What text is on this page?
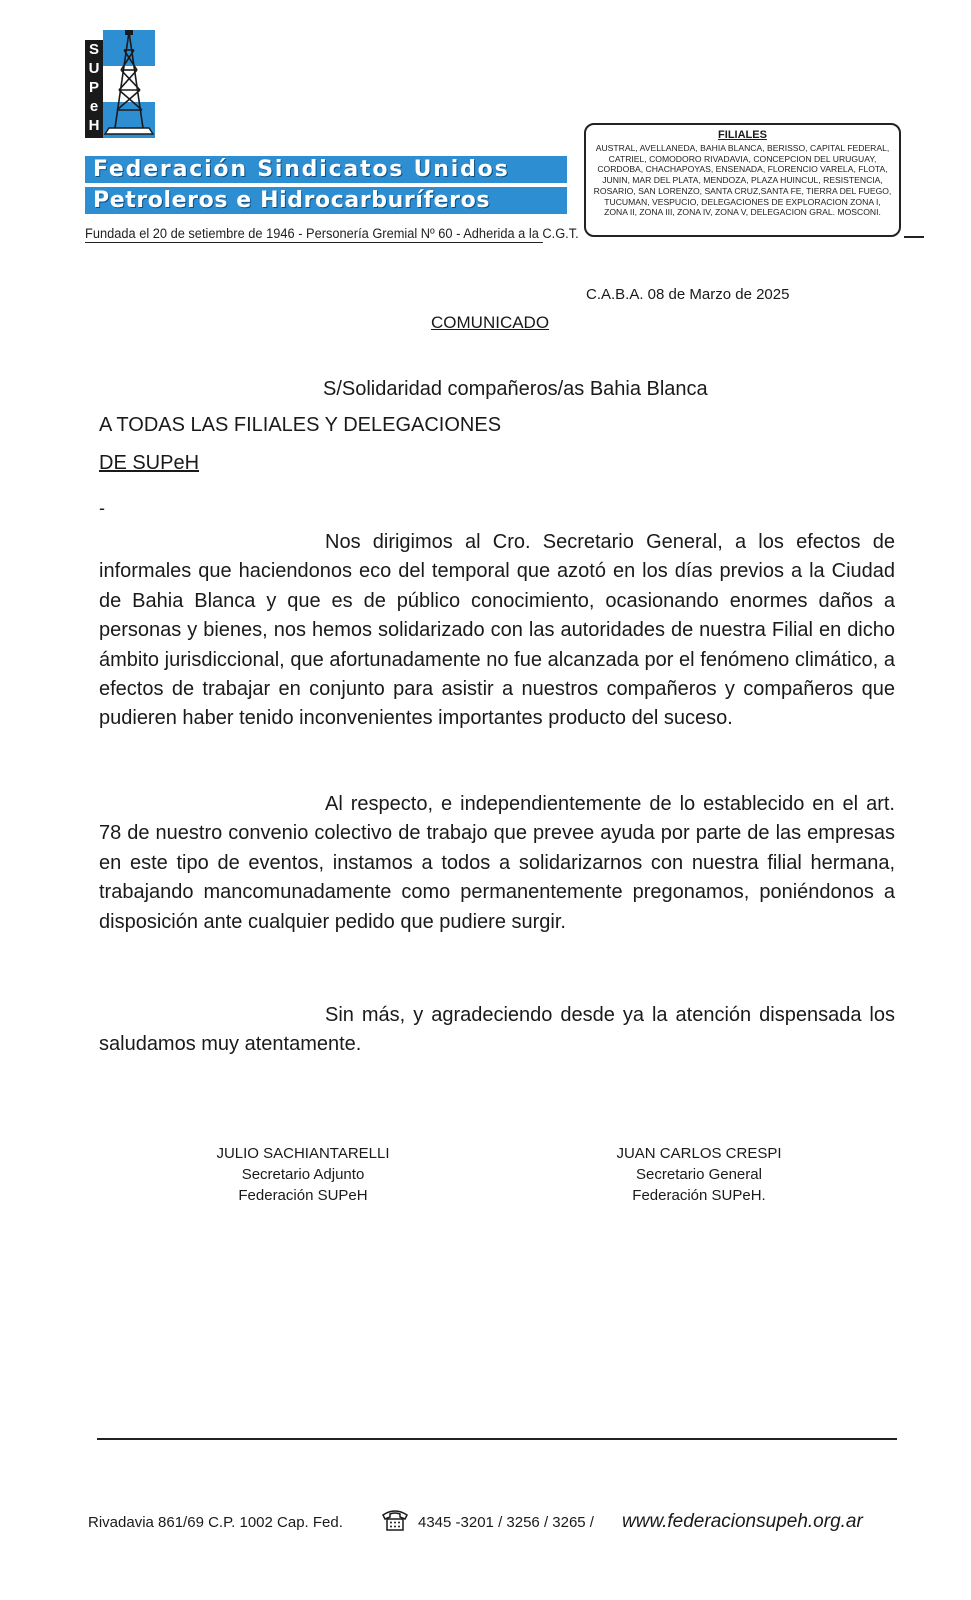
S
U
P
e
H
Federación Sindicatos Unidos
Petroleros e Hidrocarburíferos
Fundada el 20 de setiembre de 1946 - Personería Gremial Nº 60 - Adherida a la C.G.T.
FILIALES
AUSTRAL, AVELLANEDA, BAHIA BLANCA, BERISSO, CAPITAL FEDERAL, CATRIEL, COMODORO RIVADAVIA, CONCEPCION DEL URUGUAY, CORDOBA, CHACHAPOYAS, ENSENADA, FLORENCIO VARELA, FLOTA, JUNIN, MAR DEL PLATA, MENDOZA, PLAZA HUINCUL, RESISTENCIA, ROSARIO, SAN LORENZO, SANTA CRUZ,SANTA FE, TIERRA DEL FUEGO, TUCUMAN, VESPUCIO, DELEGACIONES DE EXPLORACION ZONA I, ZONA II, ZONA III, ZONA IV, ZONA V, DELEGACION GRAL. MOSCONI.
C.A.B.A. 08 de Marzo de 2025
COMUNICADO
S/Solidaridad compañeros/as Bahia Blanca
A TODAS LAS FILIALES Y DELEGACIONES
DE SUPeH
-

Nos dirigimos al Cro. Secretario General, a los efectos de informales que haciendonos eco del temporal que azotó en los días previos a la Ciudad de Bahia Blanca y que es de público conocimiento, ocasionando enormes daños a personas y bienes, nos hemos solidarizado con las autoridades de nuestra Filial en dicho ámbito jurisdiccional, que afortunadamente no fue alcanzada por el fenómeno climático, a efectos de trabajar en conjunto para asistir a nuestros compañeros y compañeros que pudieren haber tenido inconvenientes importantes producto del suceso.

Al respecto, e independientemente de lo establecido en el art. 78 de nuestro convenio colectivo de trabajo que prevee ayuda por parte de las empresas en este tipo de eventos, instamos a todos a solidarizarnos con nuestra filial hermana, trabajando mancomunadamente como permanentemente pregonamos, poniéndonos a disposición ante cualquier pedido que pudiere surgir.

Sin más, y agradeciendo desde ya la atención dispensada los saludamos muy atentamente.

JULIO SACHIANTARELLI
Secretario Adjunto
Federación SUPeH
JUAN CARLOS CRESPI
Secretario General
Federación SUPeH.
Rivadavia 861/69 C.P. 1002 Cap. Fed.	4345 -3201 / 3256 / 3265 / www.federacionsupeh.org.ar
